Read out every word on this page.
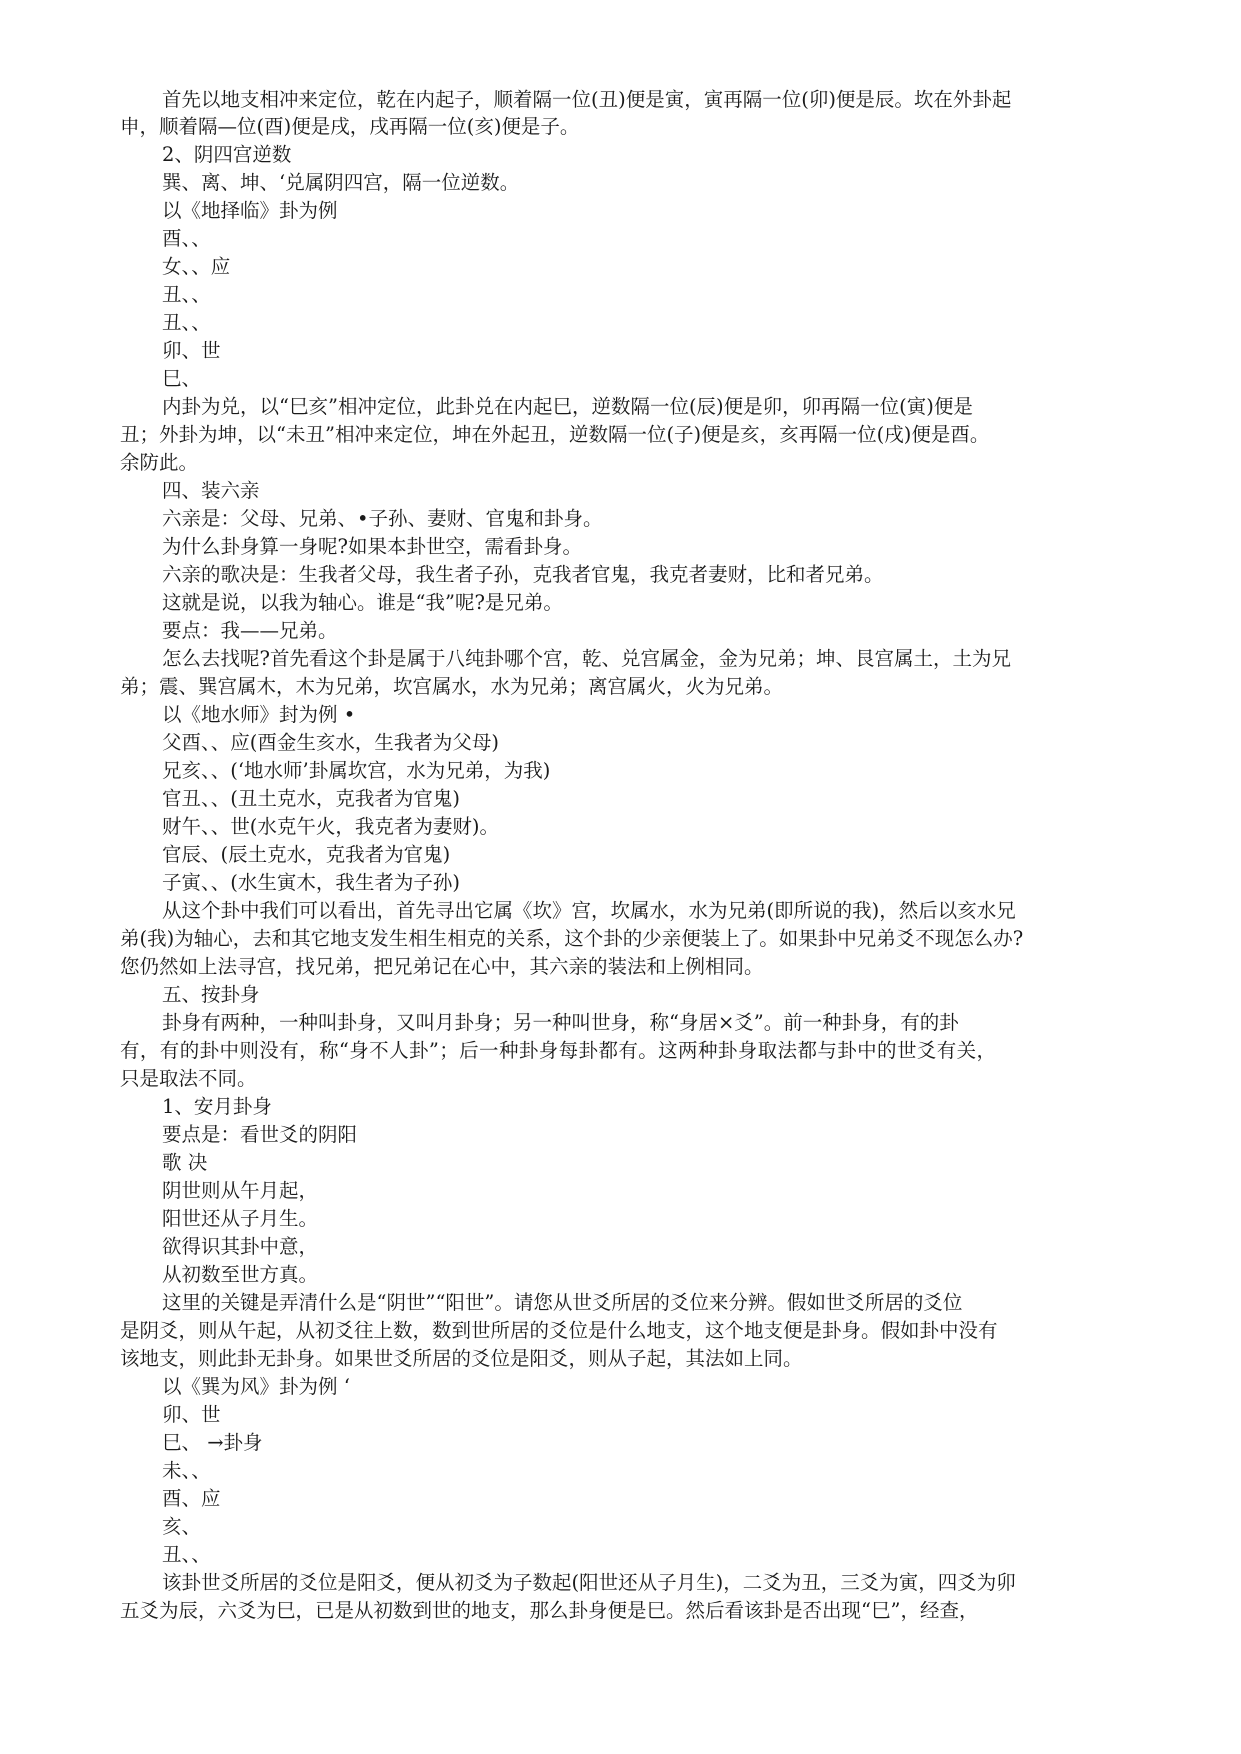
首先以地支相冲来定位，乾在内起子，顺着隔一位(丑)便是寅，寅再隔一位(卯)便是辰。坎在外卦起

申，顺着隔—位(酉)便是戌，戌再隔一位(亥)便是子。

2、阴四宫逆数

巽、离、坤、‘兑属阴四宫，隔一位逆数。

以《地择临》卦为例

酉、、

女、、应

丑、、

丑、、

卯、世

巳、

内卦为兑，以“巳亥”相冲定位，此卦兑在内起巳，逆数隔一位(辰)便是卯，卯再隔一位(寅)便是

丑；外卦为坤，以“未丑”相冲来定位，坤在外起丑，逆数隔一位(子)便是亥，亥再隔一位(戌)便是酉。

余防此。

四、装六亲

六亲是：父母、兄弟、•子孙、妻财、官鬼和卦身。

为什么卦身算一身呢?如果本卦世空，需看卦身。

六亲的歌决是：生我者父母，我生者子孙，克我者官鬼，我克者妻财，比和者兄弟。

这就是说，以我为轴心。谁是“我”呢?是兄弟。

要点：我——兄弟。

怎么去找呢?首先看这个卦是属于八纯卦哪个宫，乾、兑宫属金，金为兄弟；坤、艮宫属土，土为兄

弟；震、巽宫属木，木为兄弟，坎宫属水，水为兄弟；离宫属火，火为兄弟。

以《地水师》封为例 •

父酉、、应(酉金生亥水，生我者为父母)

兄亥、、(‘地水师’卦属坎宫，水为兄弟，为我)

官丑、、(丑土克水，克我者为官鬼)

财午、、世(水克午火，我克者为妻财)。

官辰、(辰土克水，克我者为官鬼)

子寅、、(水生寅木，我生者为子孙)

从这个卦中我们可以看出，首先寻出它属《坎》宫，坎属水，水为兄弟(即所说的我)，然后以亥水兄

弟(我)为轴心，去和其它地支发生相生相克的关系，这个卦的少亲便装上了。如果卦中兄弟爻不现怎么办?

您仍然如上法寻宫，找兄弟，把兄弟记在心中，其六亲的装法和上例相同。

五、按卦身

卦身有两种，一种叫卦身，又叫月卦身；另一种叫世身，称“身居×爻”。前一种卦身，有的卦

有，有的卦中则没有，称“身不人卦”；后一种卦身每卦都有。这两种卦身取法都与卦中的世爻有关，

只是取法不同。

1、安月卦身

要点是：看世爻的阴阳

歌 决

阴世则从午月起，

阳世还从子月生。

欲得识其卦中意，

从初数至世方真。

这里的关键是弄清什么是“阴世”“阳世”。请您从世爻所居的爻位来分辨。假如世爻所居的爻位

是阴爻，则从午起，从初爻往上数，数到世所居的爻位是什么地支，这个地支便是卦身。假如卦中没有

该地支，则此卦无卦身。如果世爻所居的爻位是阳爻，则从子起，其法如上同。

以《巽为风》卦为例 ‘

卯、世

巳、 →卦身

未、、

酉、应

亥、

丑、、

该卦世爻所居的爻位是阳爻，便从初爻为子数起(阳世还从子月生)，二爻为丑，三爻为寅，四爻为卯

五爻为辰，六爻为巳，已是从初数到世的地支，那么卦身便是巳。然后看该卦是否出现“巳”，经查，
